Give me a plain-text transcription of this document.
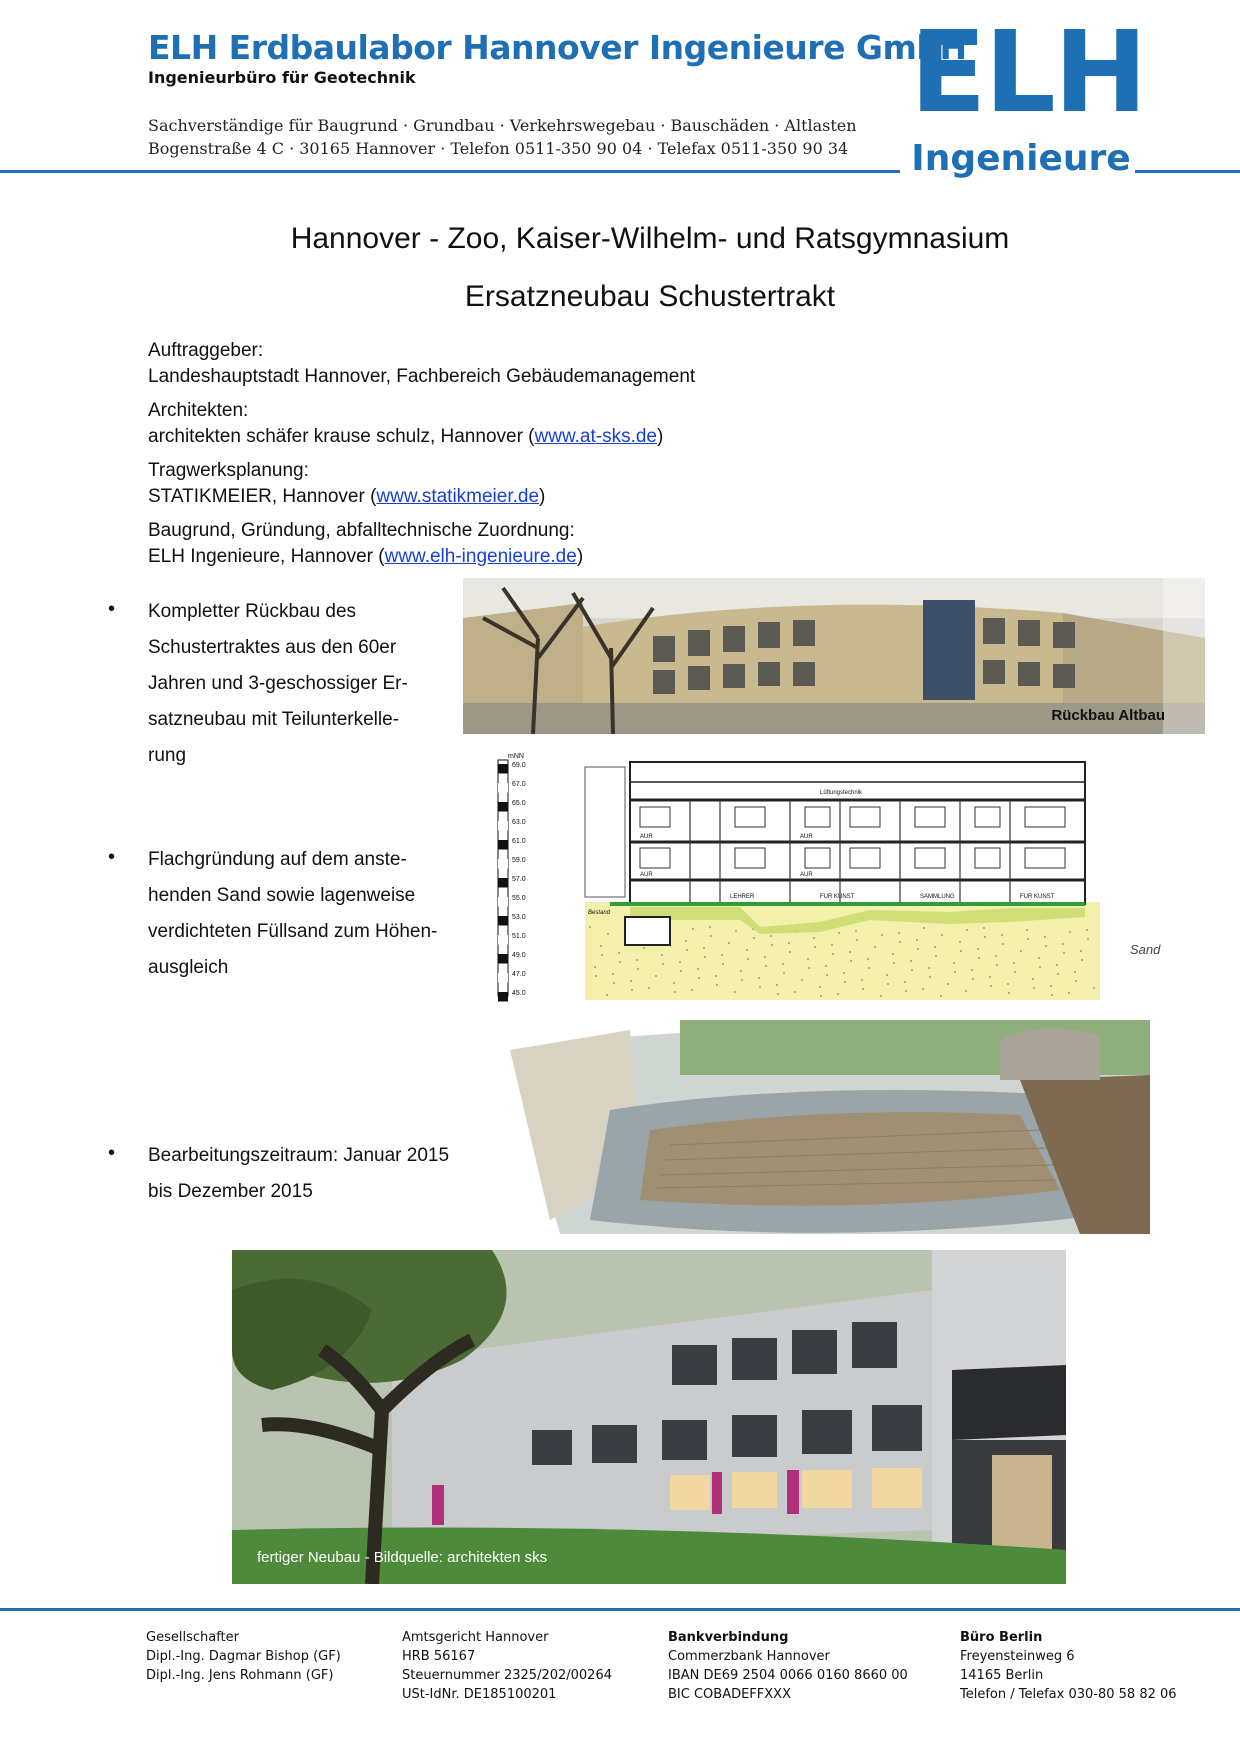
ELH Erdbaulabor Hannover Ingenieure GmbH
Ingenieurbüro für Geotechnik
Sachverständige für Baugrund · Grundbau · Verkehrswegebau · Bauschäden · Altlasten
Bogenstraße 4 C · 30165 Hannover · Telefon 0511-350 90 04 · Telefax 0511-350 90 34
ELH
Ingenieure
Hannover - Zoo, Kaiser-Wilhelm- und Ratsgymnasium
Ersatzneubau Schustertrakt
Auftraggeber:
Landeshauptstadt Hannover, Fachbereich Gebäudemanagement
Architekten:
architekten schäfer krause schulz, Hannover (www.at-sks.de)
Tragwerksplanung:
STATIKMEIER, Hannover (www.statikmeier.de)
Baugrund, Gründung, abfalltechnische Zuordnung:
ELH Ingenieure, Hannover (www.elh-ingenieure.de)
• Kompletter Rückbau des
Schustertraktes aus den 60er
Jahren und 3-geschossiger Er-
satzneubau mit Teilunterkelle-
rung
• Flachgründung auf dem anste-
henden Sand sowie lagenweise
verdichteten Füllsand zum Höhen-
ausgleich
• Bearbeitungszeitraum: Januar 2015
bis Dezember 2015
Rückbau Altbau
69.0
67.0
65.0
63.0
61.0
59.0
57.0
55.0
53.0
51.0
49.0
47.0
45.0
mNN
AUR	AUR
AUR	AUR
LEHRER	FUR KUNST	SAMMLUNG	FUR KUNST
Lüftungstechnik
Bestand
Sand
fertiger Neubau - Bildquelle: architekten sks
Gesellschafter
Dipl.-Ing. Dagmar Bishop (GF)
Dipl.-Ing. Jens Rohmann (GF)
Amtsgericht Hannover
HRB 56167
Steuernummer 2325/202/00264
USt-IdNr. DE185100201
Bankverbindung
Commerzbank Hannover
IBAN DE69 2504 0066 0160 8660 00
BIC COBADEFFXXX
Büro Berlin
Freyensteinweg 6
14165 Berlin
Telefon / Telefax 030-80 58 82 06
